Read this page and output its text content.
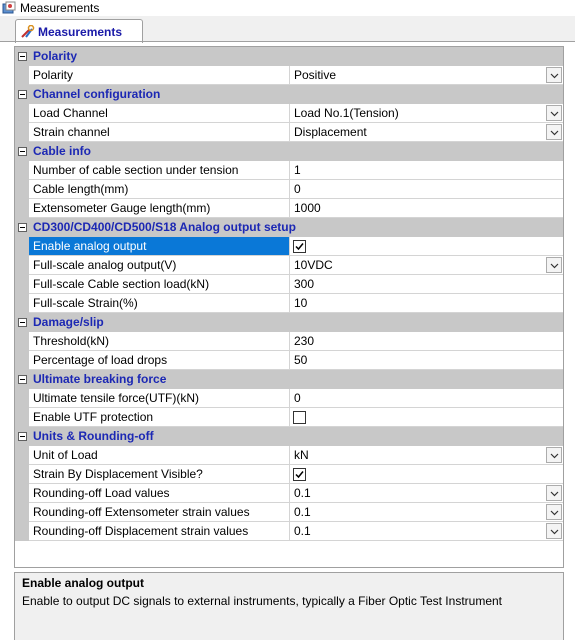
Measurements
Measurements
Polarity
Polarity	Positive
Channel configuration
Load Channel	Load No.1(Tension)
Strain channel	Displacement
Cable info
Number of cable section under tension	1
Cable length(mm)	0
Extensometer Gauge length(mm)	1000
CD300/CD400/CD500/S18 Analog output setup
Enable analog output
Full-scale analog output(V)	10VDC
Full-scale Cable section load(kN)	300
Full-scale Strain(%)	10
Damage/slip
Threshold(kN)	230
Percentage of load drops	50
Ultimate breaking force
Ultimate tensile force(UTF)(kN)	0
Enable UTF protection
Units & Rounding-off
Unit of Load	kN
Strain By Displacement Visible?
Rounding-off Load values	0.1
Rounding-off Extensometer strain values	0.1
Rounding-off Displacement strain values	0.1
Enable analog output
Enable to output DC signals to external instruments, typically a Fiber Optic Test Instrument
